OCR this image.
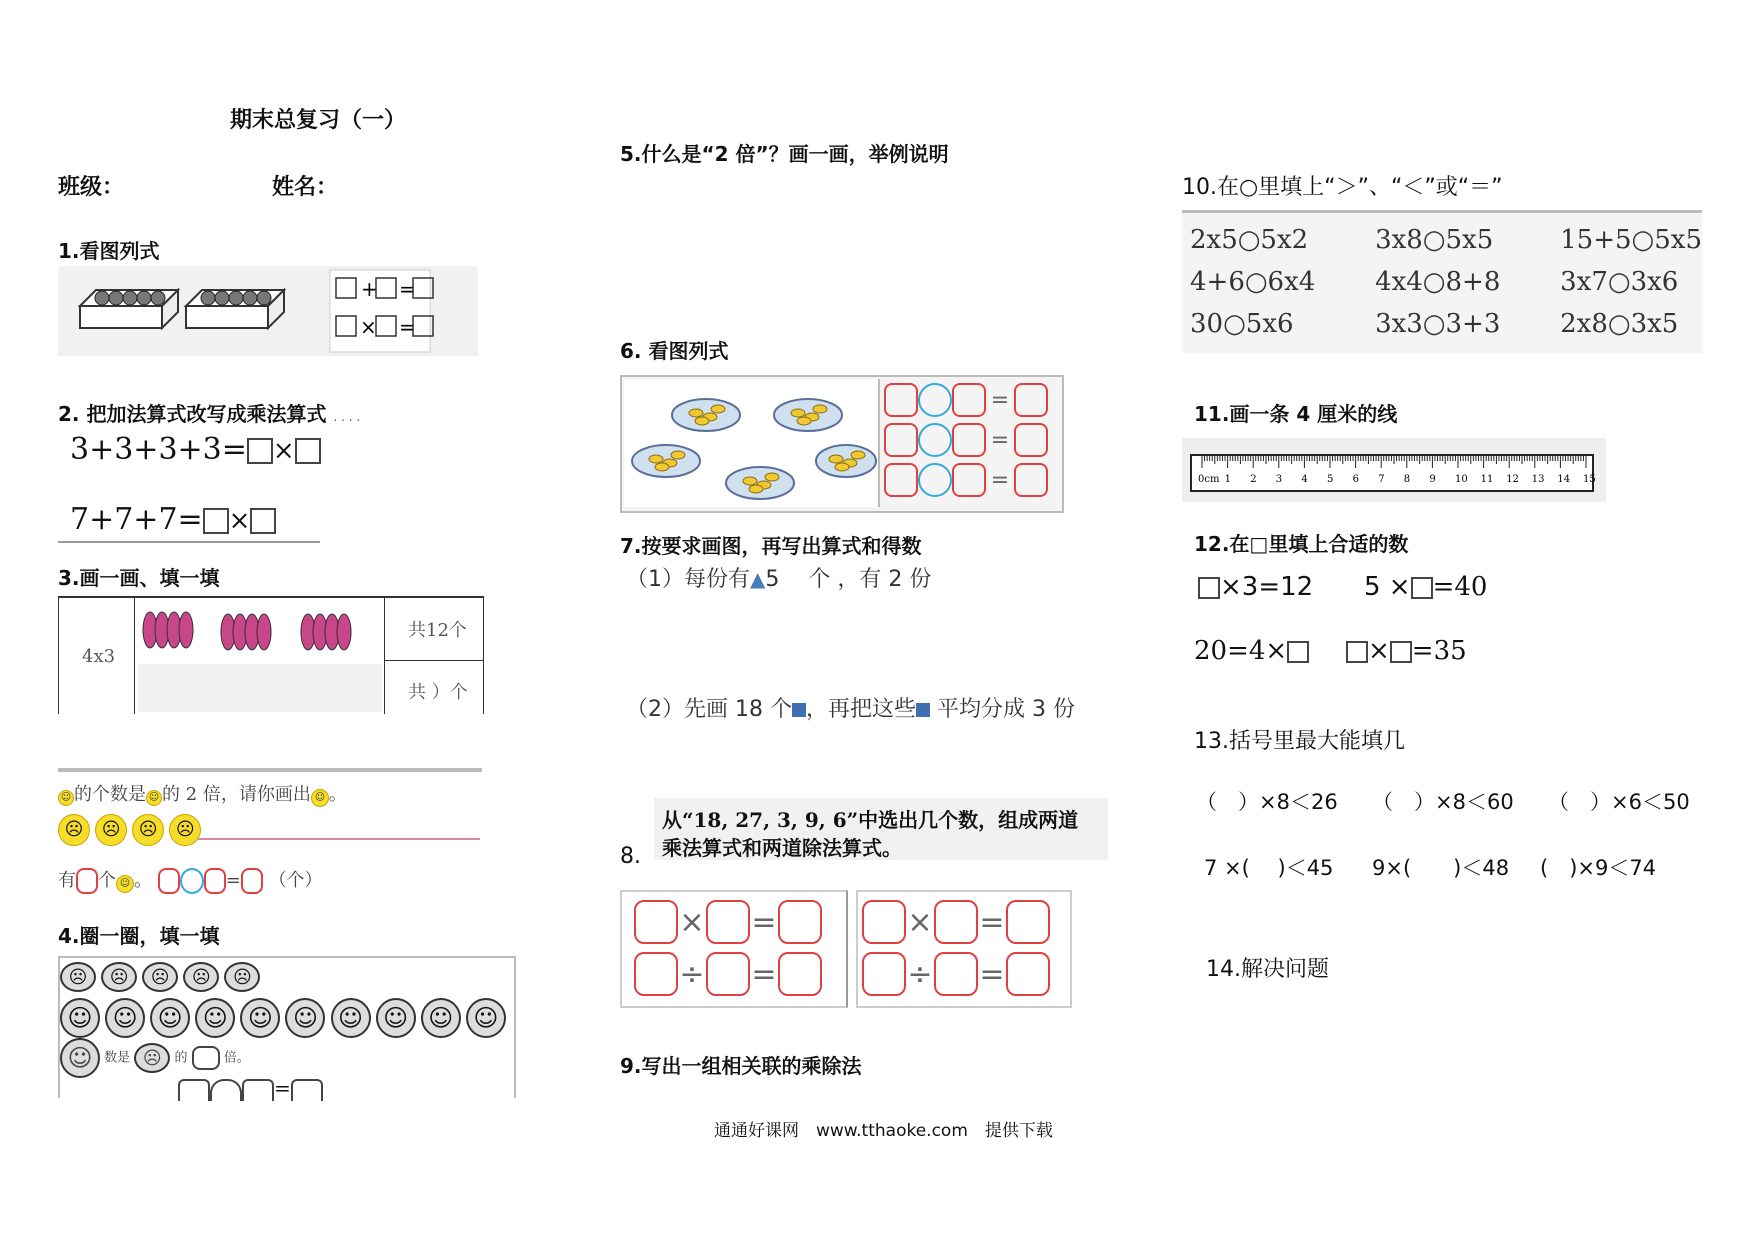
期末总复习（一）
班级：	姓名：
1.看图列式
+ =
× =
2. 把加法算式改写成乘法算式 . . . .
3+3+3+3= ×
7+7+7= ×
3.画一画、填一填
4x3
共12个
共 ）个
☺ 的个数是 ☺ 的 2 倍，请你画出 ☺ 。
☹ ☹ ☹ ☹
有 个 ☺ 。	= （个）
4.圈一圈，填一填
☹ ☹ ☹ ☹ ☹
☺ ☺ ☺ ☺ ☺ ☺ ☺ ☺ ☺ ☺
☺ 数是 ☹ 的	倍。
=
5.什么是“2 倍”？画一画，举例说明
6. 看图列式
=
=
=
7.按要求画图，再写出算式和得数
（1）每份有▲5　 个 ，有 2 份
（2）先画 18 个 ，再把这些 平均分成 3 份
8.
从“18, 27, 3, 9, 6”中选出几个数，组成两道
乘法算式和两道除法算式。
× =
÷ =
× =
÷ =
9.写出一组相关联的乘除法
10.在○里填上“＞”、“＜”或“＝”
2x5○5x2	3x8○5x5	15+5○5x5
4+6○6x4	4x4○8+8	3x7○3x6
30○5x6	3x3○3+3	2x8○3x5
11.画一条 4 厘米的线
0cm 1 2 3 4 5 6 7 8 9 10 11 12 13 14 15
12.在□里填上合适的数
×3=12 5 × =40
20=4×	× =35
13.括号里最大能填几
（　）×8＜26 （　）×8＜60 （　）×6＜50
7 ×(　 )＜45 9×(　　)＜48 (　)×9＜74
14.解决问题
通通好课网　www.tthaoke.com　提供下载
